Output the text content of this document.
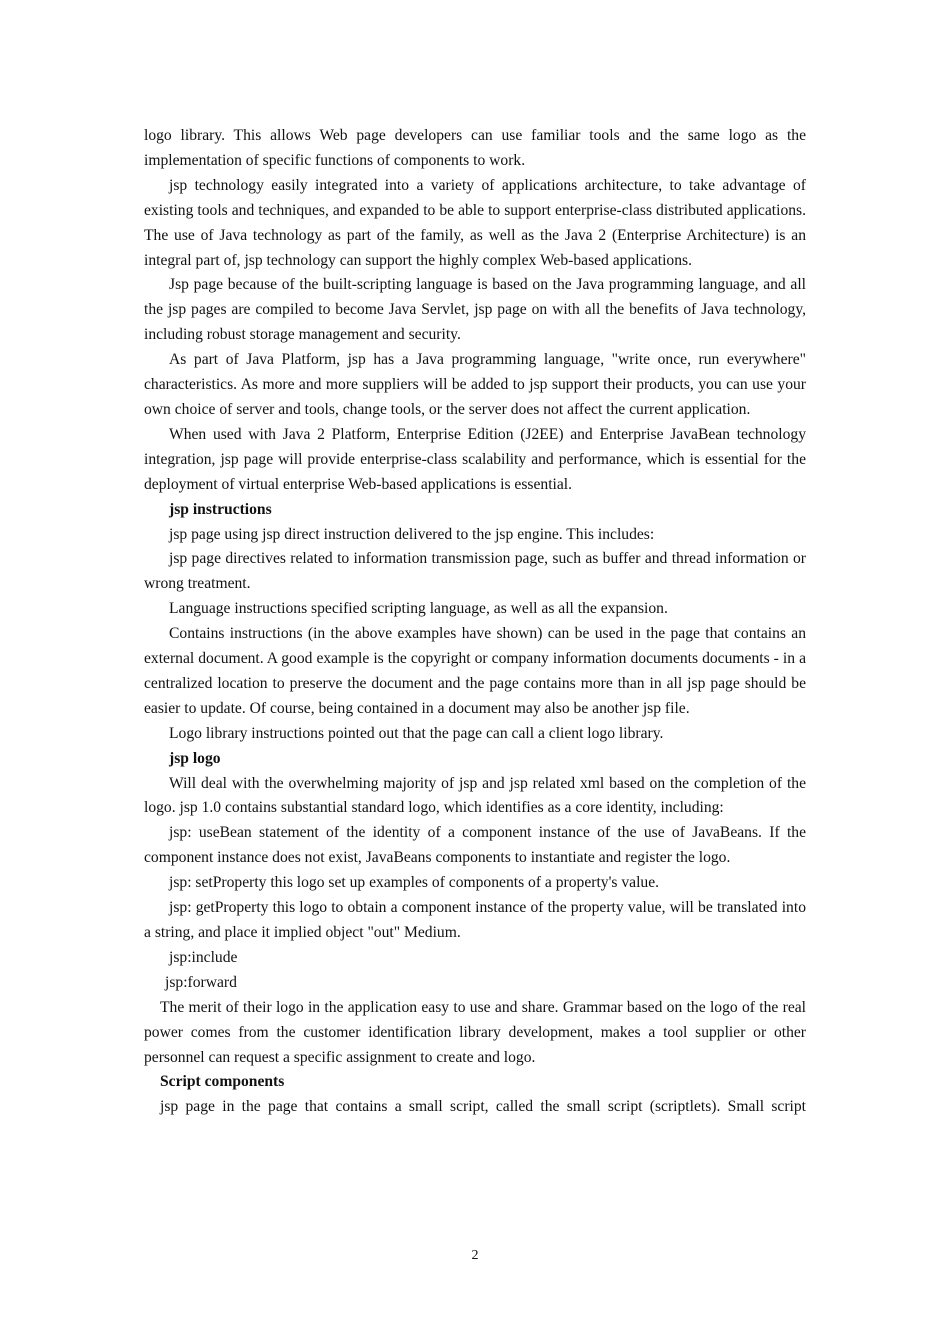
logo library. This allows Web page developers can use familiar tools and the same logo as the implementation of specific functions of components to work.

jsp technology easily integrated into a variety of applications architecture, to take advantage of existing tools and techniques, and expanded to be able to support enterprise-class distributed applications. The use of Java technology as part of the family, as well as the Java 2 (Enterprise Architecture) is an integral part of, jsp technology can support the highly complex Web-based applications.

Jsp page because of the built-scripting language is based on the Java programming language, and all the jsp pages are compiled to become Java Servlet, jsp page on with all the benefits of Java technology, including robust storage management and security.

As part of Java Platform, jsp has a Java programming language, "write once, run everywhere" characteristics. As more and more suppliers will be added to jsp support their products, you can use your own choice of server and tools, change tools, or the server does not affect the current application.

When used with Java 2 Platform, Enterprise Edition (J2EE) and Enterprise JavaBean technology integration, jsp page will provide enterprise-class scalability and performance, which is essential for the deployment of virtual enterprise Web-based applications is essential.

jsp instructions

jsp page using jsp direct instruction delivered to the jsp engine. This includes:

jsp page directives related to information transmission page, such as buffer and thread information or wrong treatment.

Language instructions specified scripting language, as well as all the expansion.

Contains instructions (in the above examples have shown) can be used in the page that contains an external document. A good example is the copyright or company information documents documents - in a centralized location to preserve the document and the page contains more than in all jsp page should be easier to update. Of course, being contained in a document may also be another jsp file.

Logo library instructions pointed out that the page can call a client logo library.

jsp logo

Will deal with the overwhelming majority of jsp and jsp related xml based on the completion of the logo. jsp 1.0 contains substantial standard logo, which identifies as a core identity, including:

jsp: useBean statement of the identity of a component instance of the use of JavaBeans. If the component instance does not exist, JavaBeans components to instantiate and register the logo.

jsp: setProperty this logo set up examples of components of a property's value.

jsp: getProperty this logo to obtain a component instance of the property value, will be translated into a string, and place it implied object "out" Medium.

jsp:include

jsp:forward

The merit of their logo in the application easy to use and share. Grammar based on the logo of the real power comes from the customer identification library development, makes a tool supplier or other personnel can request a specific assignment to create and logo.

Script components

jsp page in the page that contains a small script, called the small script (scriptlets). Small script

2
